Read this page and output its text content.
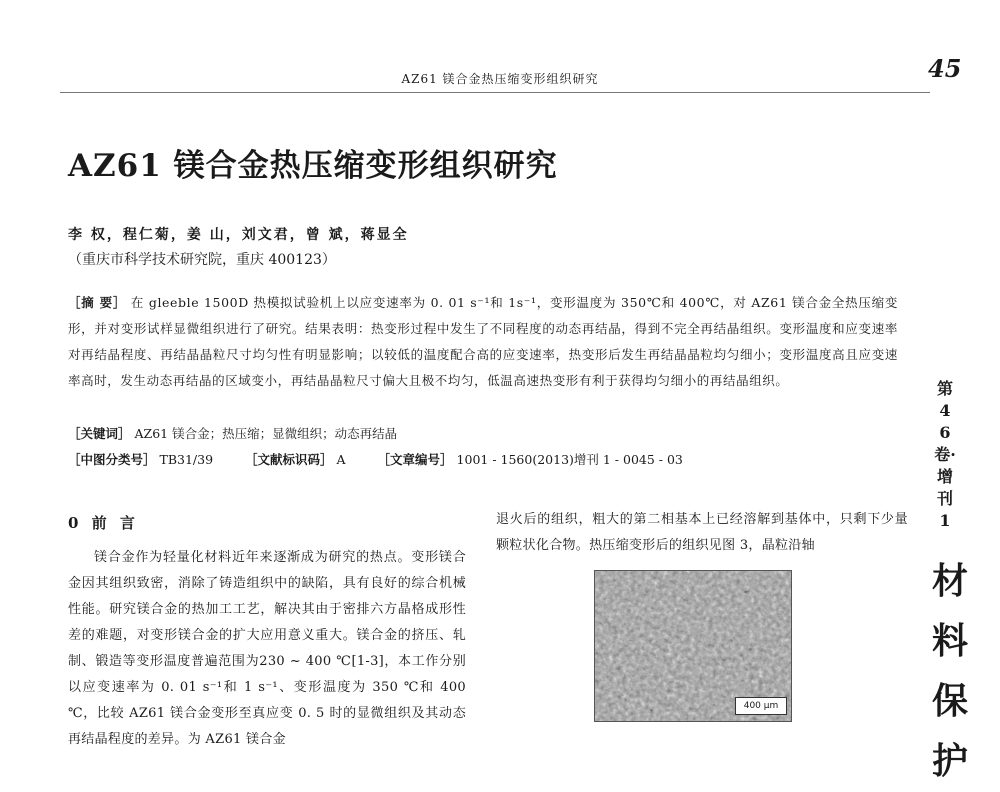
AZ61 镁合金热压缩变形组织研究	45
AZ61 镁合金热压缩变形组织研究
李 权，程仁菊，姜 山，刘文君，曾 斌，蒋显全
（重庆市科学技术研究院，重庆 400123）
［摘 要］ 在 gleeble 1500D 热模拟试验机上以应变速率为 0. 01 s⁻¹和 1s⁻¹，变形温度为 350℃和 400℃，对 AZ61 镁合金全热压缩变形，并对变形试样显微组织进行了研究。结果表明：热变形过程中发生了不同程度的动态再结晶，得到不完全再结晶组织。变形温度和应变速率对再结晶程度、再结晶晶粒尺寸均匀性有明显影响；以较低的温度配合高的应变速率，热变形后发生再结晶晶粒均匀细小；变形温度高且应变速率高时，发生动态再结晶的区域变小，再结晶晶粒尺寸偏大且极不均匀，低温高速热变形有利于获得均匀细小的再结晶组织。
［关键词］ AZ61 镁合金；热压缩；显微组织；动态再结晶
［中图分类号］ TB31/39	［文献标识码］ A	［文章编号］ 1001 - 1560(2013)增刊 1 - 0045 - 03
0 前 言
镁合金作为轻量化材料近年来逐渐成为研究的热点。变形镁合金因其组织致密，消除了铸造组织中的缺陷，具有良好的综合机械性能。研究镁合金的热加工工艺，解决其由于密排六方晶格成形性差的难题，对变形镁合金的扩大应用意义重大。镁合金的挤压、轧制、锻造等变形温度普遍范围为230 ~ 400 ℃[1-3]，本工作分别以应变速率为 0. 01 s⁻¹和 1 s⁻¹、变形温度为 350 ℃和 400 ℃，比较 AZ61 镁合金变形至真应变 0. 5 时的显微组织及其动态再结晶程度的差异。为 AZ61 镁合金
退火后的组织，粗大的第二相基本上已经溶解到基体中，只剩下少量颗粒状化合物。热压缩变形后的组织见图 3，晶粒沿轴
400 μm
第46卷·增刊1
材料保护
